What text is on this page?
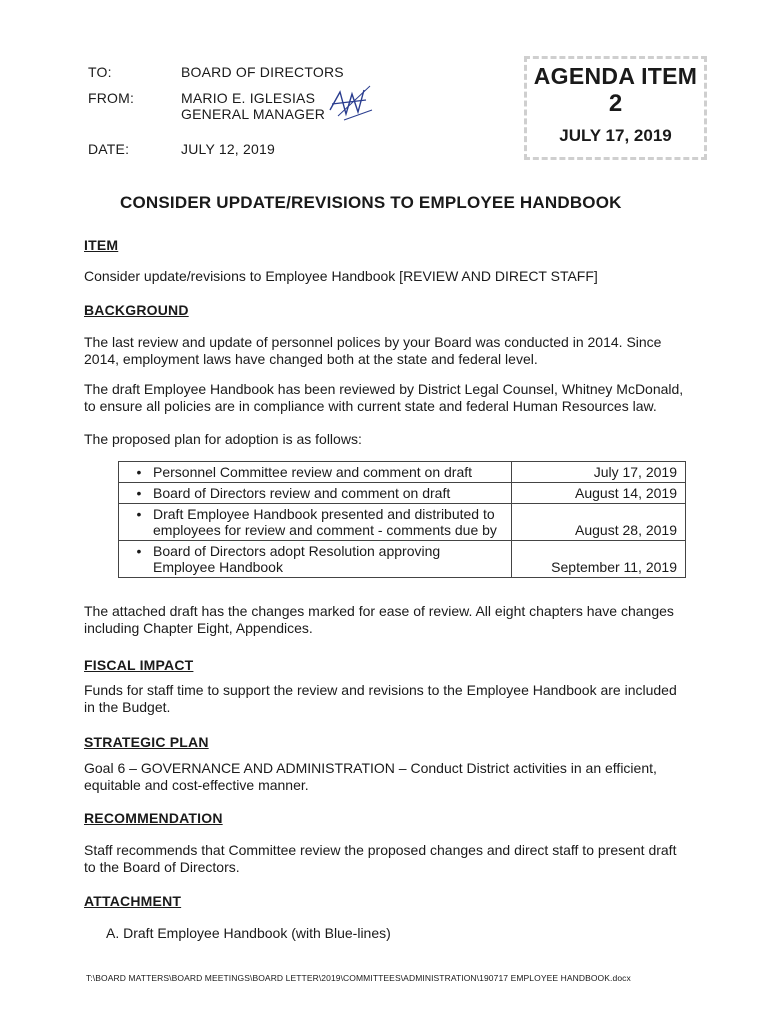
TO:	BOARD OF DIRECTORS
FROM:	MARIO E. IGLESIAS
GENERAL MANAGER
DATE:	JULY 12, 2019
AGENDA ITEM
2
JULY 17, 2019
CONSIDER UPDATE/REVISIONS TO EMPLOYEE HANDBOOK
ITEM
Consider update/revisions to Employee Handbook [REVIEW AND DIRECT STAFF]
BACKGROUND
The last review and update of personnel polices by your Board was conducted in 2014. Since 2014, employment laws have changed both at the state and federal level.
The draft Employee Handbook has been reviewed by District Legal Counsel, Whitney McDonald, to ensure all policies are in compliance with current state and federal Human Resources law.
The proposed plan for adoption is as follows:
• Personnel Committee review and comment on draft	July 17, 2019

• Board of Directors review and comment on draft	August 14, 2019

• Draft Employee Handbook presented and distributed to employees for review and comment - comments due by	August 28, 2019

• Board of Directors adopt Resolution approving Employee Handbook	September 11, 2019
The attached draft has the changes marked for ease of review. All eight chapters have changes including Chapter Eight, Appendices.
FISCAL IMPACT
Funds for staff time to support the review and revisions to the Employee Handbook are included in the Budget.
STRATEGIC PLAN
Goal 6 – GOVERNANCE AND ADMINISTRATION – Conduct District activities in an efficient, equitable and cost-effective manner.
RECOMMENDATION
Staff recommends that Committee review the proposed changes and direct staff to present draft to the Board of Directors.
ATTACHMENT
A. Draft Employee Handbook (with Blue-lines)
T:\BOARD MATTERS\BOARD MEETINGS\BOARD LETTER\2019\COMMITTEES\ADMINISTRATION\190717 EMPLOYEE HANDBOOK.docx
